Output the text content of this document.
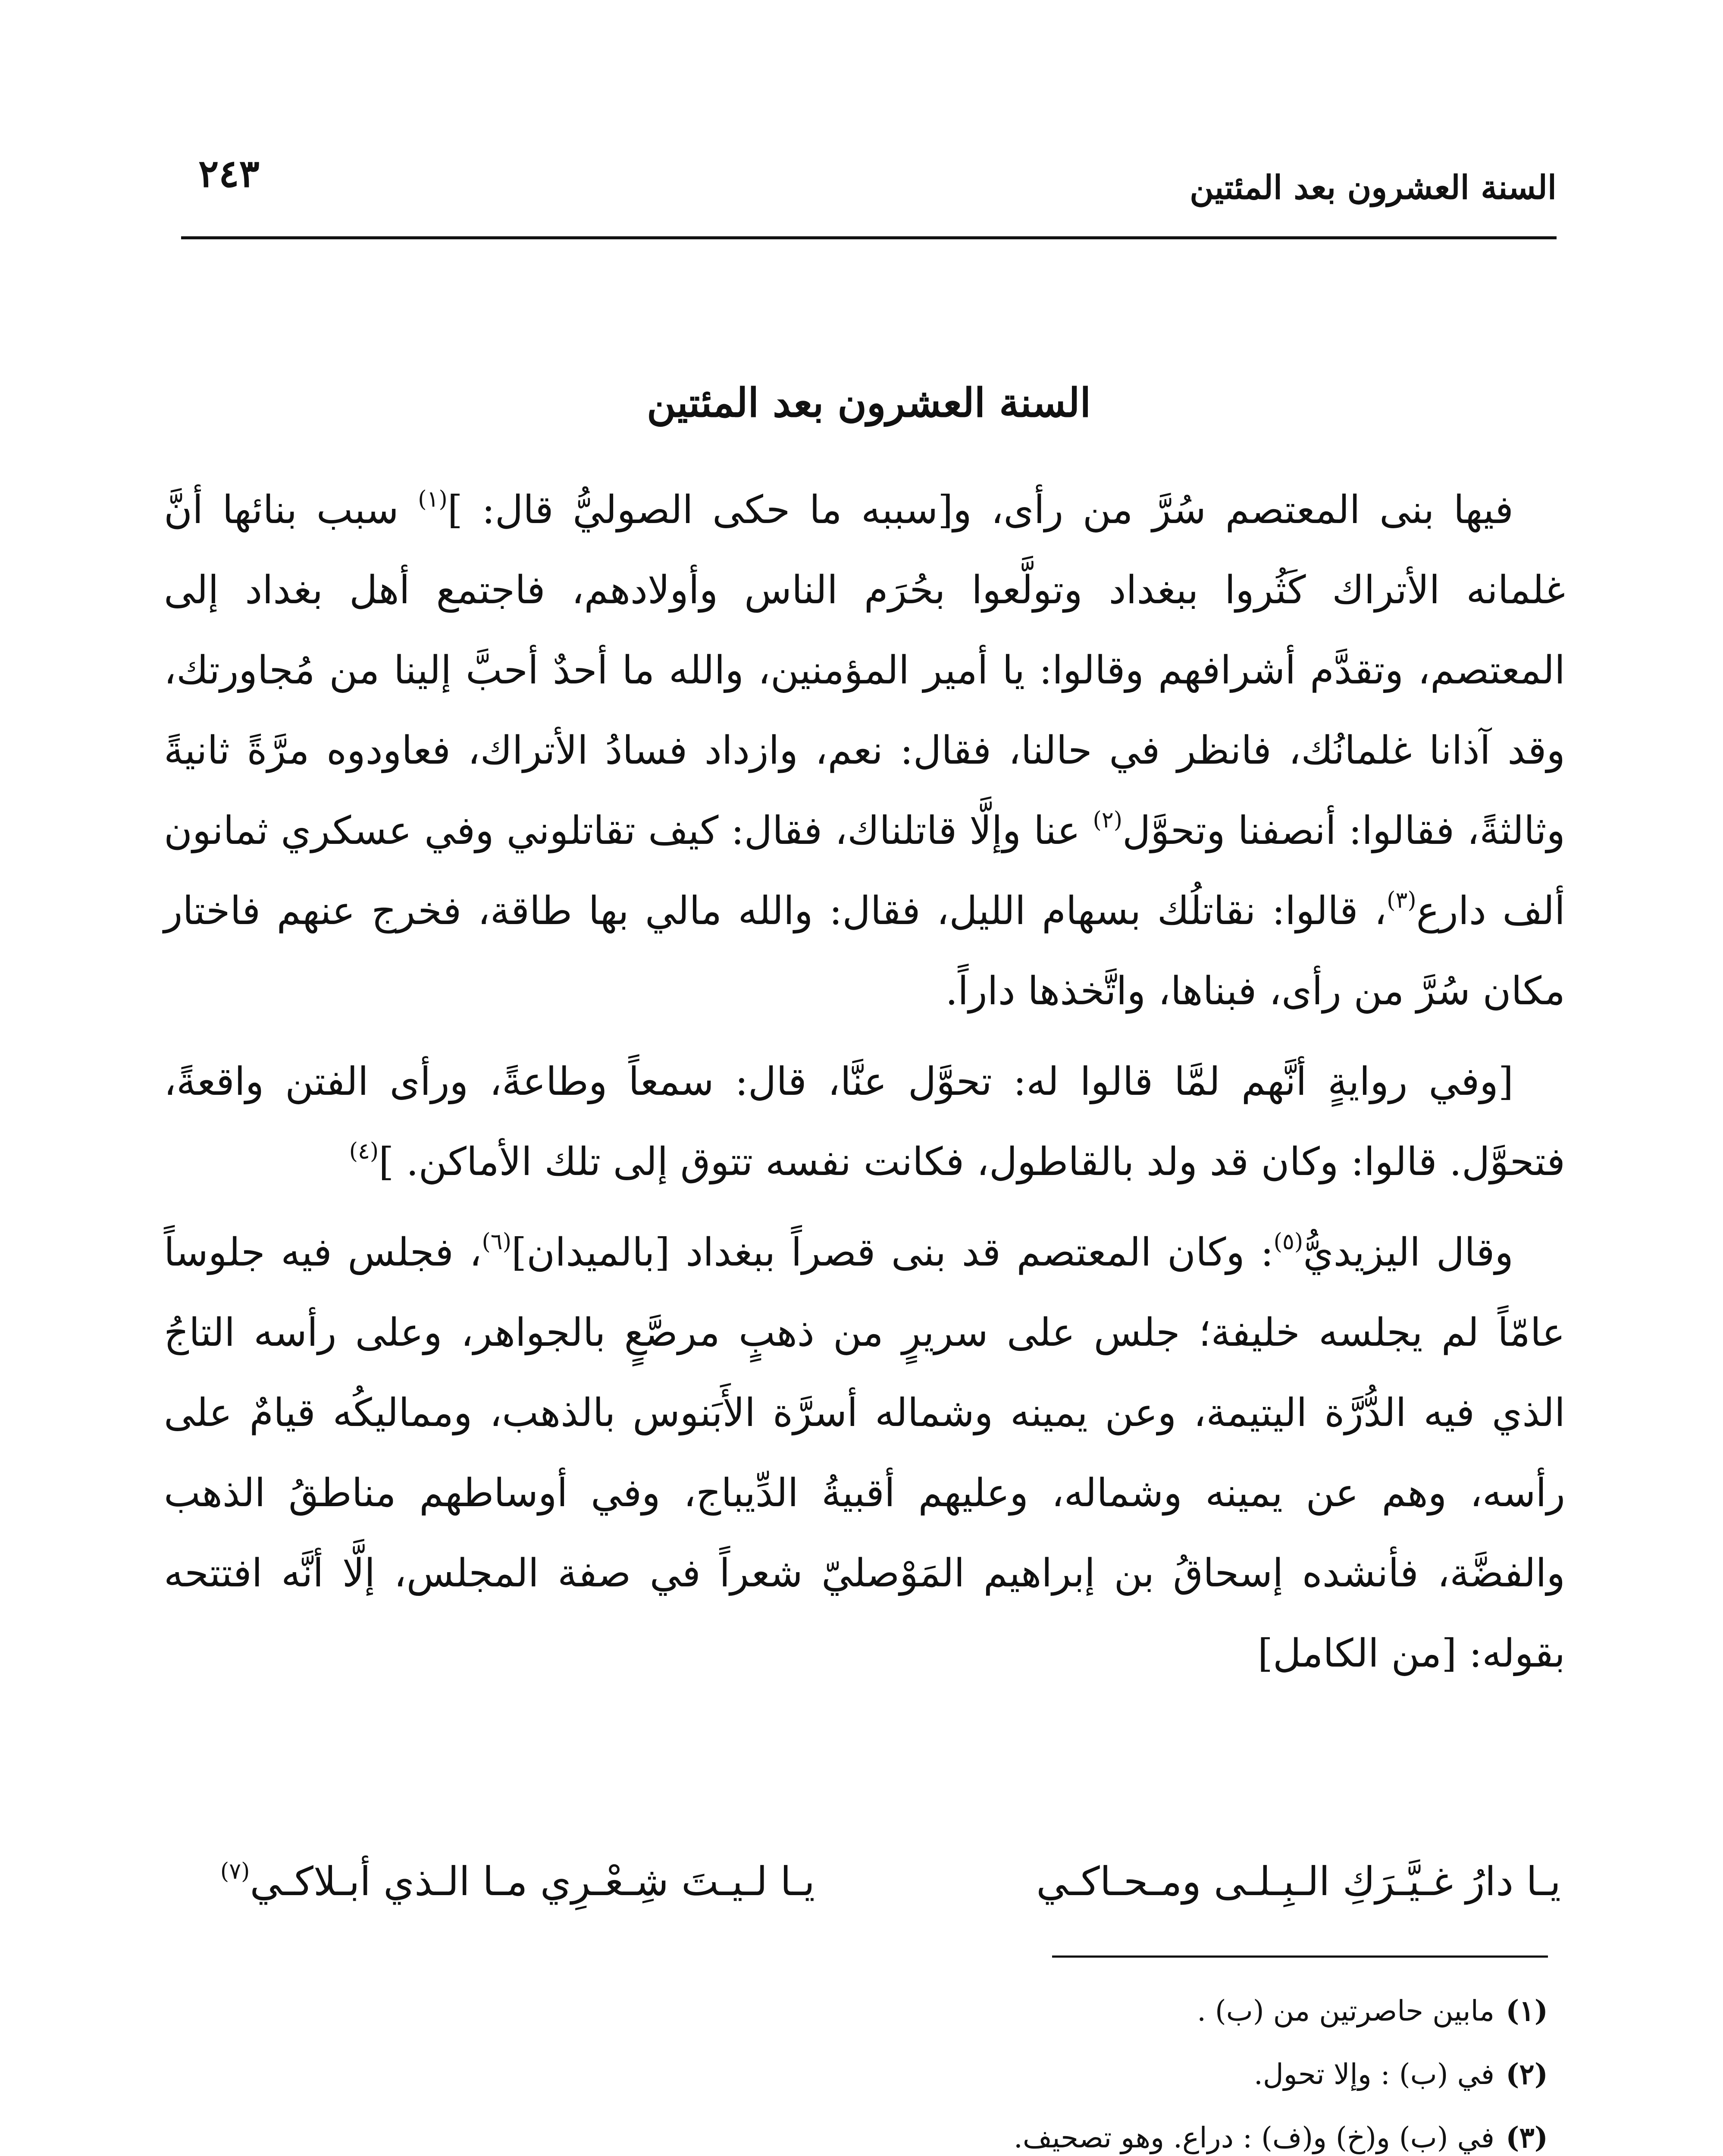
السنة العشرون بعد المئتين
٢٤٣
السنة العشرون بعد المئتين

فيها بنى المعتصم سُرَّ من رأى، و[سببه ما حكى الصوليُّ قال: ]$^{(١)}$ سبب بنائها أنَّ غلمانه الأتراك كَثُروا ببغداد وتولَّعوا بحُرَم الناس وأولادهم، فاجتمع أهل بغداد إلى المعتصم، وتقدَّم أشرافهم وقالوا: يا أمير المؤمنين، والله ما أحدٌ أحبَّ إلينا من مُجاورتك، وقد آذانا غلمانُك، فانظر في حالنا، فقال: نعم، وازداد فسادُ الأتراك، فعاودوه مرَّةً ثانيةً وثالثةً، فقالوا: أنصفنا وتحوَّل$^{(٢)}$ عنا وإلَّا قاتلناك، فقال: كيف تقاتلوني وفي عسكري ثمانون ألف دارع$^{(٣)}$، قالوا: نقاتلُك بسهام الليل، فقال: والله مالي بها طاقة، فخرج عنهم فاختار مكان سُرَّ من رأى، فبناها، واتَّخذها داراً.

[وفي روايةٍ أنَّهم لمَّا قالوا له: تحوَّل عنَّا، قال: سمعاً وطاعةً، ورأى الفتن واقعةً، فتحوَّل. قالوا: وكان قد ولد بالقاطول، فكانت نفسه تتوق إلى تلك الأماكن. ]$^{(٤)}$

وقال اليزيديُّ$^{(٥)}$: وكان المعتصم قد بنى قصراً ببغداد [بالميدان]$^{(٦)}$، فجلس فيه جلوساً عامّاً لم يجلسه خليفة؛ جلس على سريرٍ من ذهبٍ مرصَّعٍ بالجواهر، وعلى رأسه التاجُ الذي فيه الدُّرَّة اليتيمة، وعن يمينه وشماله أسرَّة الأَبَنوس بالذهب، ومماليكُه قيامٌ على رأسه، وهم عن يمينه وشماله، وعليهم أقبيةُ الدِّيباج، وفي أوساطهم مناطقُ الذهب والفضَّة، فأنشده إسحاقُ بن إبراهيم المَوْصليّ شعراً في صفة المجلس، إلَّا أنَّه افتتحه بقوله: [من الكامل]

يـا دارُ غـيَّـرَكِ الـبِـلـى ومـحـاكـي
يـا لـيـتَ شِـعْـرِي مـا الـذي أبـلاكـي$^{(٧)}$
(١)مابين حاصرتين من (ب) .
(٢)في (ب) : وإلا تحول.
(٣)في (ب) و(خ) و(ف) : دراع. وهو تصحيف.
